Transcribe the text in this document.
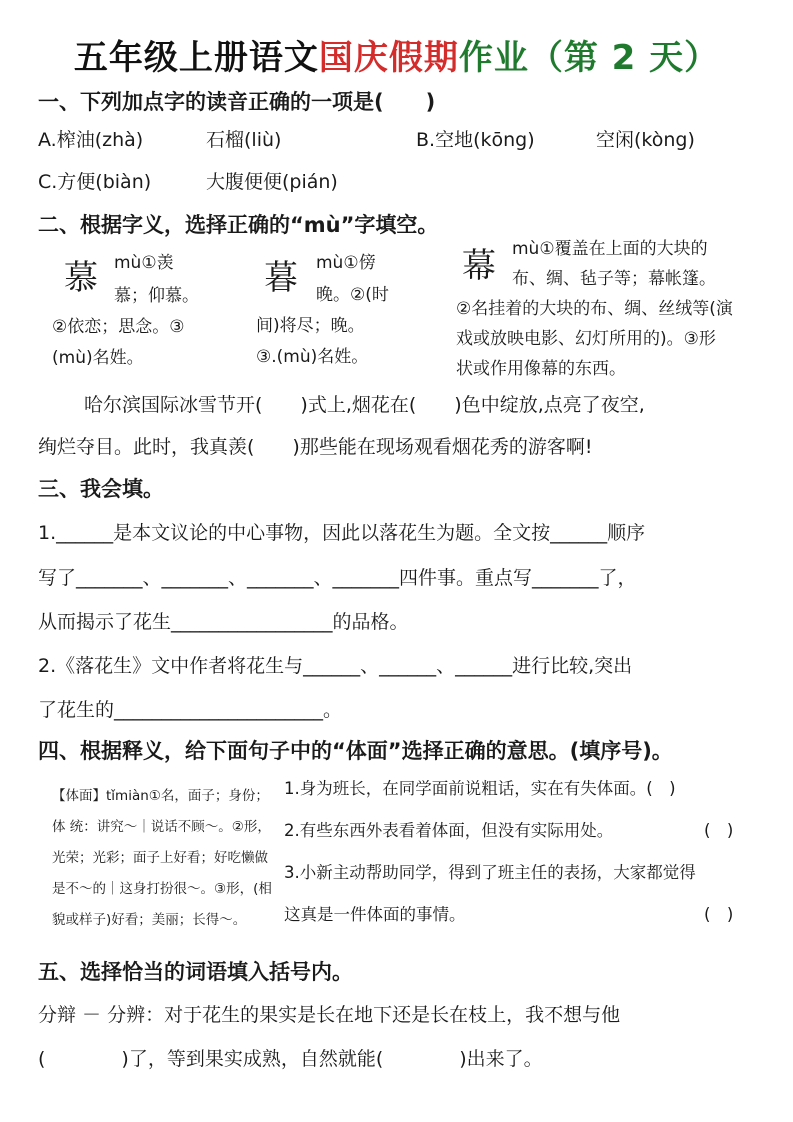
五年级上册语文国庆假期作业（第 2 天）
一、下列加点字的读音正确的一项是(　　)
A.榨油(zhà)	石榴(liù)	B.空地(kōng)	空闲(kòng)
C.方便(biàn)	大腹便便(pián)
二、根据字义，选择正确的“mù”字填空。
慕 mù①羡
慕；仰慕。
②依恋；思念。③
(mù)名姓。
暮 mù①傍
晚。②(时
间)将尽；晚。
③.(mù)名姓。
幕 mù①覆盖在上面的大块的
布、绸、毡子等；幕帐篷。
②名挂着的大块的布、绸、丝绒等(演
戏或放映电影、幻灯所用的)。③形
状或作用像幕的东西。
哈尔滨国际冰雪节开(　　)式上,烟花在(　　)色中绽放,点亮了夜空,
绚烂夺目。此时，我真羡(　　)那些能在现场观看烟花秀的游客啊!
三、我会填。
1.______是本文议论的中心事物，因此以落花生为题。全文按______顺序
写了_______、_______、_______、_______四件事。重点写_______了，
从而揭示了花生_________________的品格。
2.《落花生》文中作者将花生与______、______、______进行比较,突出
了花生的______________________。
四、根据释义，给下面句子中的“体面”选择正确的意思。(填序号)。
【体面】tǐmiàn①名，面子；身份；
体 统：讲究～｜说话不顾～。②形，
光荣；光彩；面子上好看；好吃懒做
是不～的｜这身打扮很～。③形，(相
貌或样子)好看；美丽；长得～。
1.身为班长，在同学面前说粗话，实在有失体面。(　)
2.有些东西外表看着体面，但没有实际用处。	(　)
3.小新主动帮助同学，得到了班主任的表扬，大家都觉得
这真是一件体面的事情。	(　)
五、选择恰当的词语填入括号内。
分辩 － 分辨：对于花生的果实是长在地下还是长在枝上，我不想与他
(　　　　)了，等到果实成熟，自然就能(　　　　)出来了。
